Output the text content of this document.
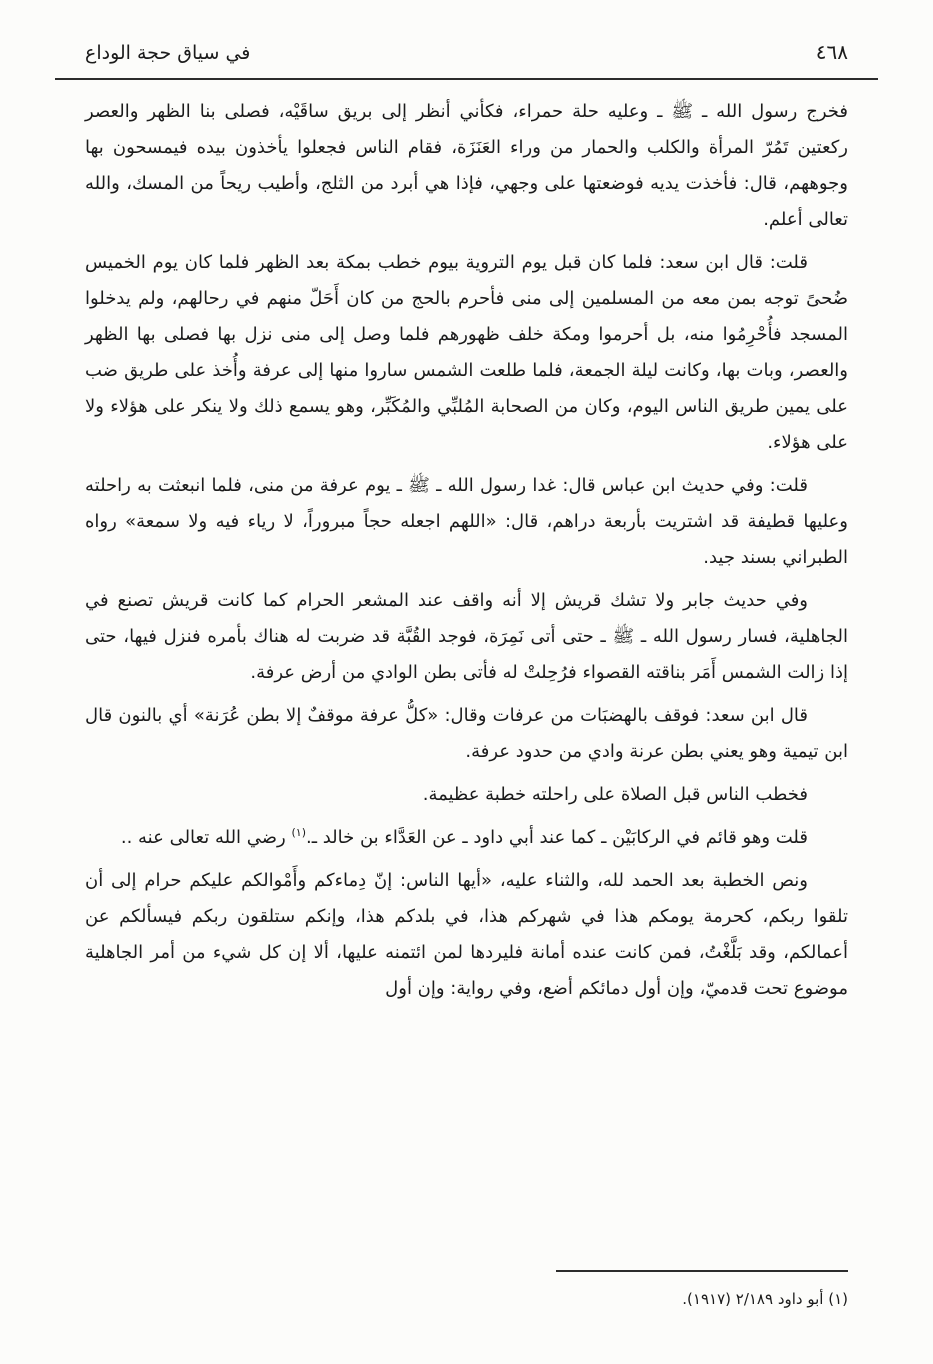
٤٦٨
في سياق حجة الوداع

فخرج رسول الله ـ ﷺ ـ وعليه حلة حمراء، فكأني أنظر إلى بريق ساقَيْه، فصلى بنا الظهر والعصر ركعتين تَمُرّ المرأة والكلب والحمار من وراء العَنَزَة، فقام الناس فجعلوا يأخذون بيده فيمسحون بها وجوههم، قال: فأخذت يديه فوضعتها على وجهي، فإذا هي أبرد من الثلج، وأطيب ريحاً من المسك، والله تعالى أعلم.

قلت: قال ابن سعد: فلما كان قبل يوم التروية بيوم خطب بمكة بعد الظهر فلما كان يوم الخميس ضُحىً توجه بمن معه من المسلمين إلى منى فأحرم بالحج من كان أَحَلّ منهم في رحالهم، ولم يدخلوا المسجد فأُحْرِمُوا منه، بل أحرموا ومكة خلف ظهورهم فلما وصل إلى منى نزل بها فصلى بها الظهر والعصر، وبات بها، وكانت ليلة الجمعة، فلما طلعت الشمس ساروا منها إلى عرفة وأُخذ على طريق ضب على يمين طريق الناس اليوم، وكان من الصحابة المُلبِّي والمُكَبِّر، وهو يسمع ذلك ولا ينكر على هؤلاء ولا على هؤلاء.

قلت: وفي حديث ابن عباس قال: غدا رسول الله ـ ﷺ ـ يوم عرفة من منى، فلما انبعثت به راحلته وعليها قطيفة قد اشتريت بأربعة دراهم، قال: «اللهم اجعله حجاً مبروراً، لا رياء فيه ولا سمعة» رواه الطبراني بسند جيد.

وفي حديث جابر ولا تشك قريش إلا أنه واقف عند المشعر الحرام كما كانت قريش تصنع في الجاهلية، فسار رسول الله ـ ﷺ ـ حتى أتى نَمِرَة، فوجد القُبَّة قد ضربت له هناك بأمره فنزل فيها، حتى إذا زالت الشمس أَمَر بناقته القصواء فرُحِلتْ له فأتى بطن الوادي من أرض عرفة.

قال ابن سعد: فوقف بالهضبَات من عرفات وقال: «كلُّ عرفة موقفٌ إلا بطن عُرَنة» أي بالنون قال ابن تيمية وهو يعني بطن عرنة وادي من حدود عرفة.

فخطب الناس قبل الصلاة على راحلته خطبة عظيمة.

قلت وهو قائم في الركابَيْن ـ كما عند أبي داود ـ عن العَدَّاء بن خالد ـ.$^{(١)}$ رضي الله تعالى عنه ..

ونص الخطبة بعد الحمد لله، والثناء عليه، «أيها الناس: إنّ دِماءكم وأَمْوالكم عليكم حرام إلى أن تلقوا ربكم، كحرمة يومكم هذا في شهركم هذا، في بلدكم هذا، وإنكم ستلقون ربكم فيسألكم عن أعمالكم، وقد بَلَّغْتُ، فمن كانت عنده أمانة فليردها لمن ائتمنه عليها، ألا إن كل شيء من أمر الجاهلية موضوع تحت قدميّ، وإن أول دمائكم أضع، وفي رواية: وإن أول

(١) أبو داود ٢/١٨٩ (١٩١٧).
